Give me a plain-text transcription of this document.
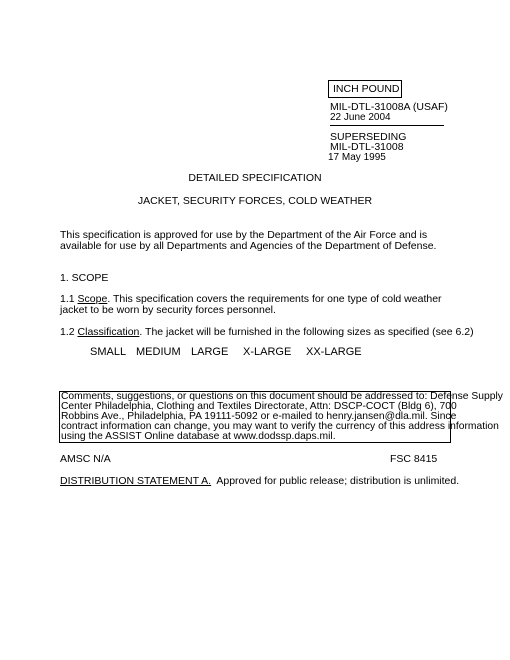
INCH POUND
MIL-DTL-31008A (USAF)
22 June 2004
SUPERSEDING
MIL-DTL-31008
17 May 1995
DETAILED SPECIFICATION
JACKET, SECURITY FORCES, COLD WEATHER
This specification is approved for use by the Department of the Air Force and is available for use by all Departments and Agencies of the Department of Defense.
1. SCOPE
1.1 Scope. This specification covers the requirements for one type of cold weather jacket to be worn by security forces personnel.
1.2 Classification. The jacket will be furnished in the following sizes as specified (see 6.2)
SMALL MEDIUM LARGE X-LARGE XX-LARGE
Comments, suggestions, or questions on this document should be addressed to: Defense Supply
Center Philadelphia, Clothing and Textiles Directorate, Attn: DSCP-COCT (Bldg 6), 700
Robbins Ave., Philadelphia, PA 19111-5092 or e-mailed to henry.jansen@dla.mil. Since
contract information can change, you may want to verify the currency of this address information
using the ASSIST Online database at www.dodssp.daps.mil.
AMSC N/A	FSC 8415
DISTRIBUTION STATEMENT A.  Approved for public release; distribution is unlimited.
